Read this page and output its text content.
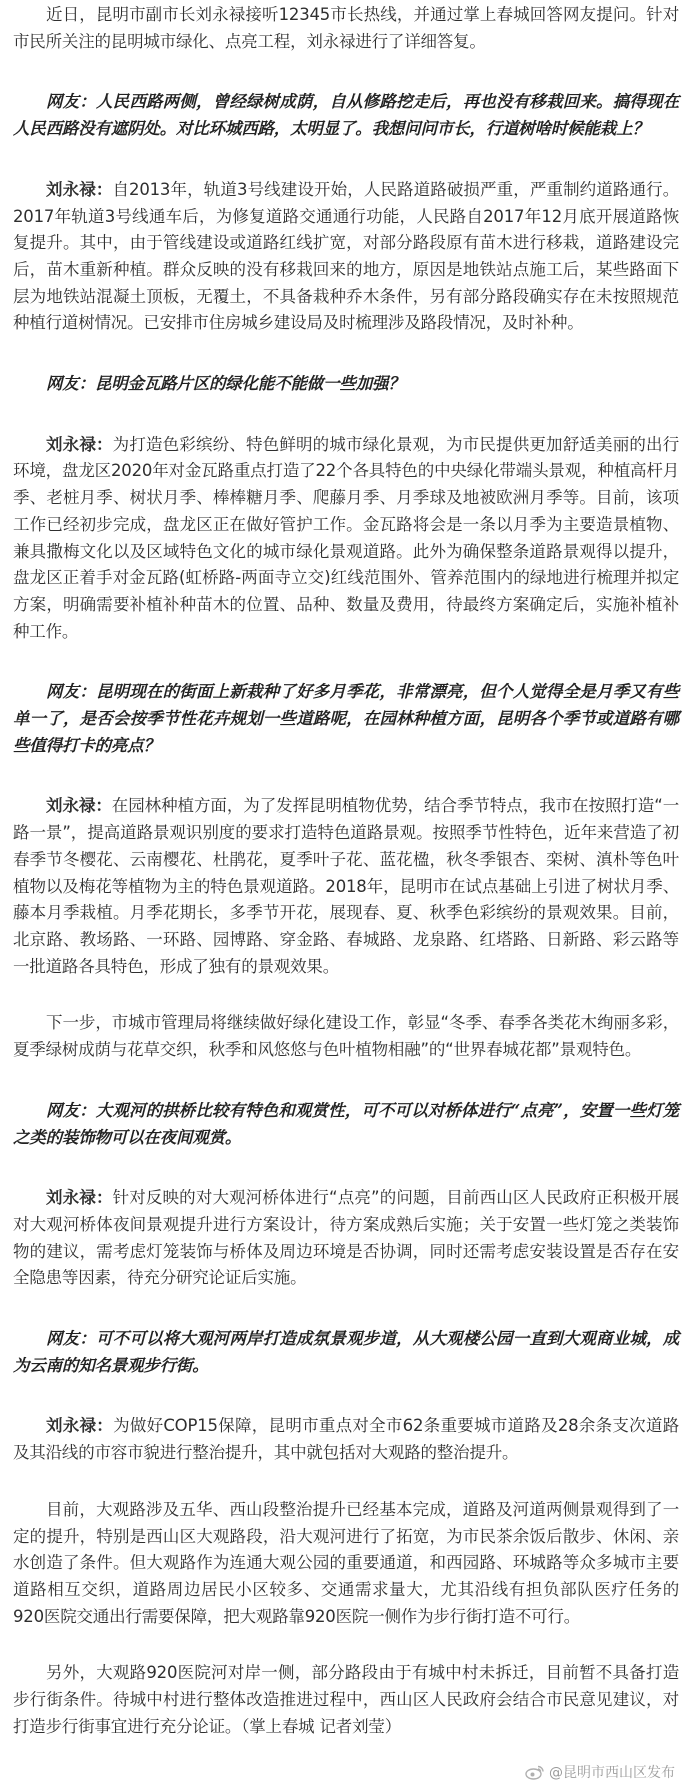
近日，昆明市副市长刘永禄接听12345市长热线，并通过掌上春城回答网友提问。针对市民所关注的昆明城市绿化、点亮工程，刘永禄进行了详细答复。

网友：人民西路两侧，曾经绿树成荫，自从修路挖走后，再也没有移栽回来。搞得现在人民西路没有遮阴处。对比环城西路，太明显了。我想问问市长，行道树啥时候能栽上？

刘永禄：自2013年，轨道3号线建设开始，人民路道路破损严重，严重制约道路通行。2017年轨道3号线通车后，为修复道路交通通行功能，人民路自2017年12月底开展道路恢复提升。其中，由于管线建设或道路红线扩宽，对部分路段原有苗木进行移栽，道路建设完后，苗木重新种植。群众反映的没有移栽回来的地方，原因是地铁站点施工后，某些路面下层为地铁站混凝土顶板，无覆土，不具备栽种乔木条件，另有部分路段确实存在未按照规范种植行道树情况。已安排市住房城乡建设局及时梳理涉及路段情况，及时补种。

网友：昆明金瓦路片区的绿化能不能做一些加强？

刘永禄：为打造色彩缤纷、特色鲜明的城市绿化景观，为市民提供更加舒适美丽的出行环境，盘龙区2020年对金瓦路重点打造了22个各具特色的中央绿化带端头景观，种植高杆月季、老桩月季、树状月季、棒棒糖月季、爬藤月季、月季球及地被欧洲月季等。目前，该项工作已经初步完成，盘龙区正在做好管护工作。金瓦路将会是一条以月季为主要造景植物、兼具撒梅文化以及区域特色文化的城市绿化景观道路。此外为确保整条道路景观得以提升，盘龙区正着手对金瓦路(虹桥路-两面寺立交)红线范围外、管养范围内的绿地进行梳理并拟定方案，明确需要补植补种苗木的位置、品种、数量及费用，待最终方案确定后，实施补植补种工作。

网友：昆明现在的街面上新栽种了好多月季花，非常漂亮，但个人觉得全是月季又有些单一了，是否会按季节性花卉规划一些道路呢，在园林种植方面，昆明各个季节或道路有哪些值得打卡的亮点？

刘永禄：在园林种植方面，为了发挥昆明植物优势，结合季节特点，我市在按照打造“一路一景”，提高道路景观识别度的要求打造特色道路景观。按照季节性特色，近年来营造了初春季节冬樱花、云南樱花、杜鹃花，夏季叶子花、蓝花楹，秋冬季银杏、栾树、滇朴等色叶植物以及梅花等植物为主的特色景观道路。2018年，昆明市在试点基础上引进了树状月季、藤本月季栽植。月季花期长，多季节开花，展现春、夏、秋季色彩缤纷的景观效果。目前，北京路、教场路、一环路、园博路、穿金路、春城路、龙泉路、红塔路、日新路、彩云路等一批道路各具特色，形成了独有的景观效果。

下一步，市城市管理局将继续做好绿化建设工作，彰显“冬季、春季各类花木绚丽多彩，夏季绿树成荫与花草交织，秋季和风悠悠与色叶植物相融”的“世界春城花都”景观特色。

网友：大观河的拱桥比较有特色和观赏性，可不可以对桥体进行“点亮”，安置一些灯笼之类的装饰物可以在夜间观赏。

刘永禄：针对反映的对大观河桥体进行“点亮”的问题，目前西山区人民政府正积极开展对大观河桥体夜间景观提升进行方案设计，待方案成熟后实施；关于安置一些灯笼之类装饰物的建议，需考虑灯笼装饰与桥体及周边环境是否协调，同时还需考虑安装设置是否存在安全隐患等因素，待充分研究论证后实施。

网友：可不可以将大观河两岸打造成氛景观步道，从大观楼公园一直到大观商业城，成为云南的知名景观步行街。

刘永禄：为做好COP15保障，昆明市重点对全市62条重要城市道路及28余条支次道路及其沿线的市容市貌进行整治提升，其中就包括对大观路的整治提升。

目前，大观路涉及五华、西山段整治提升已经基本完成，道路及河道两侧景观得到了一定的提升，特别是西山区大观路段，沿大观河进行了拓宽，为市民茶余饭后散步、休闲、亲水创造了条件。但大观路作为连通大观公园的重要通道，和西园路、环城路等众多城市主要道路相互交织，道路周边居民小区较多、交通需求量大，尤其沿线有担负部队医疗任务的920医院交通出行需要保障，把大观路靠920医院一侧作为步行街打造不可行。

另外，大观路920医院河对岸一侧，部分路段由于有城中村未拆迁，目前暂不具备打造步行街条件。待城中村进行整体改造推进过程中，西山区人民政府会结合市民意见建议，对打造步行街事宜进行充分论证。（掌上春城 记者刘莹）

@昆明市西山区发布
